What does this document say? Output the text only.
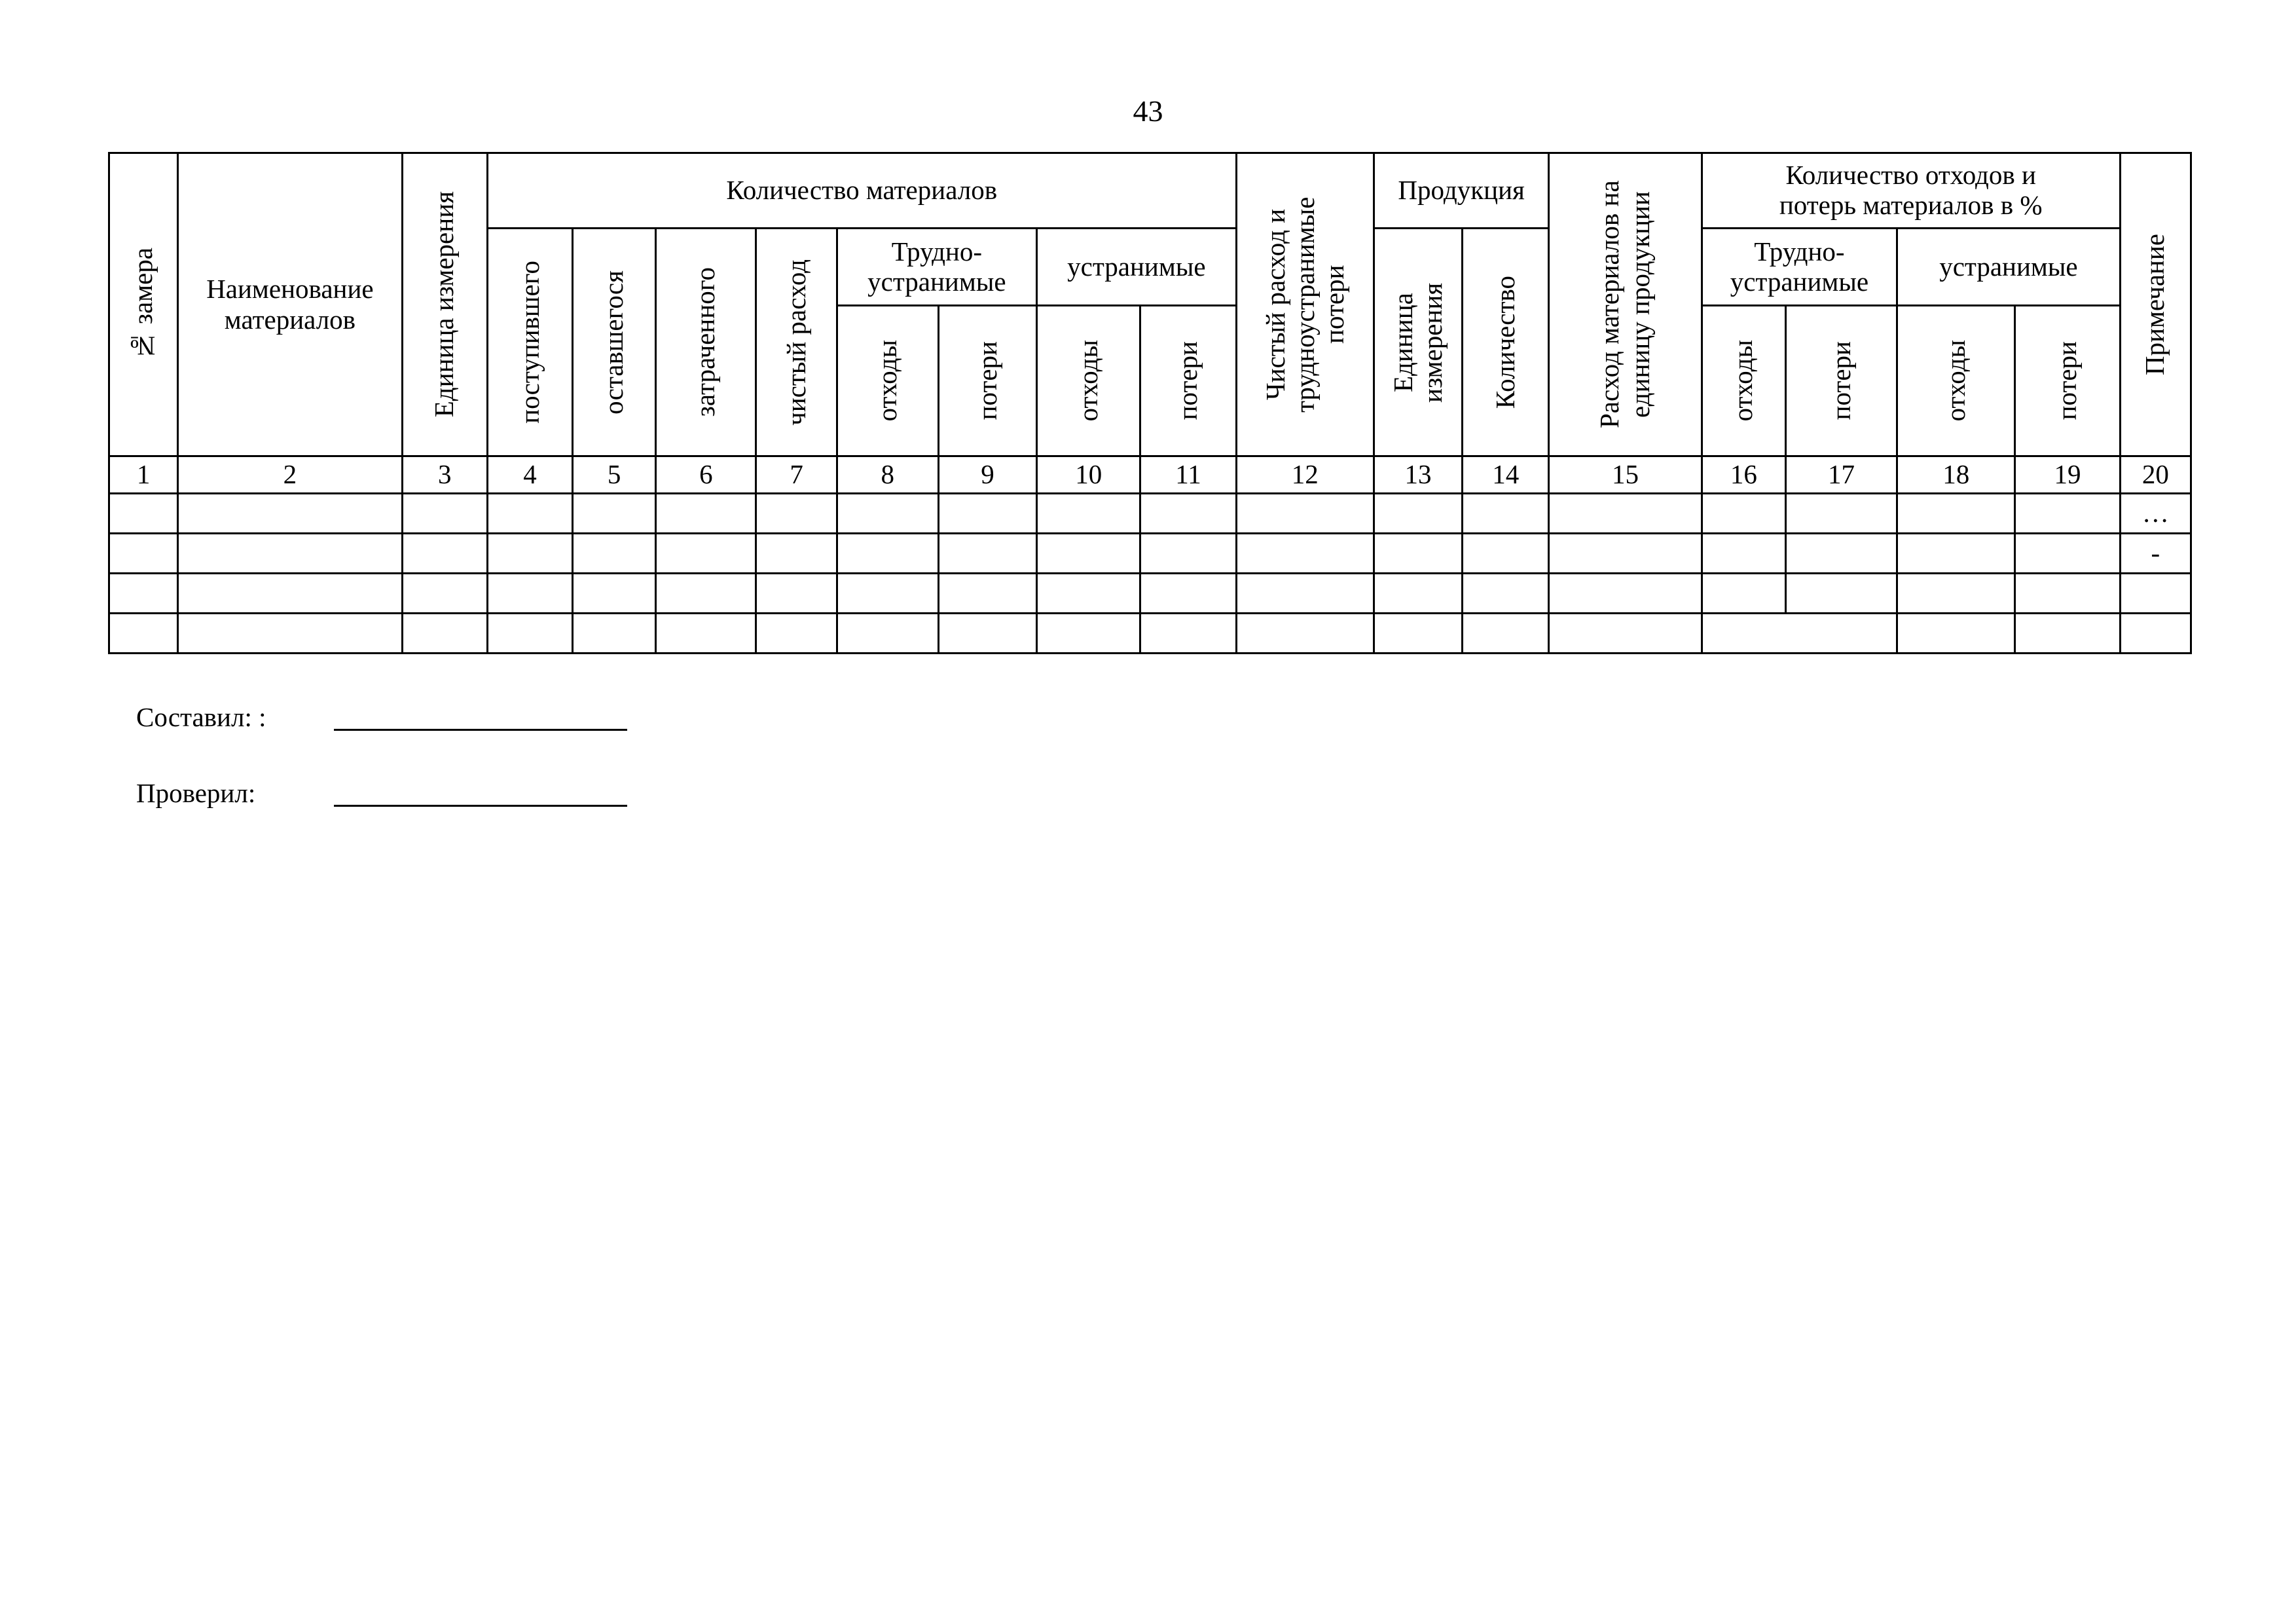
43
№ замера	Наименование материалов	Единица измерения	Количество материалов								Чистый расход и трудноустранимые потери	Продукция		Расход материалов на единицу продукции	Количество отходов и потерь материалов в %				Примечание

			поступившего	оставшегося	затраченного	чистый расход	Трудно-устранимые		устранимые			Единица измерения	Количество		Трудно-устранимые		устранимые		

							отходы	потери	отходы	потери					отходы	потери	отходы	потери	

1	2	3	4	5	6	7	8	9	10	11	12	13	14	15	16	17	18	19	20
																			…
																			-

Составил: :
Проверил:
